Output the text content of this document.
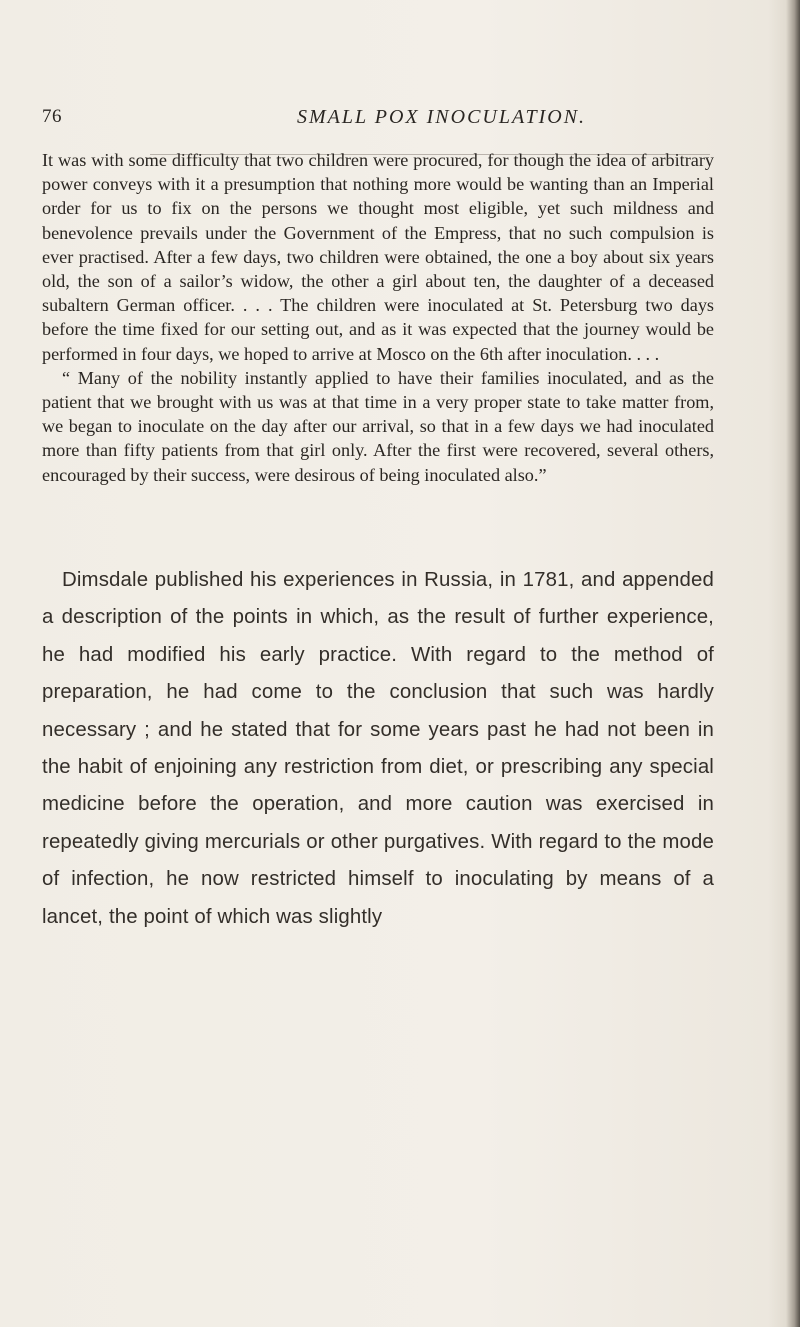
76	SMALL POX INOCULATION.

It was with some difficulty that two children were procured, for though the idea of arbitrary power conveys with it a presumption that nothing more would be wanting than an Imperial order for us to fix on the persons we thought most eligible, yet such mildness and benevolence prevails under the Government of the Empress, that no such compulsion is ever practised. After a few days, two children were obtained, the one a boy about six years old, the son of a sailor’s widow, the other a girl about ten, the daughter of a deceased subaltern German officer. . . . The children were inoculated at St. Petersburg two days before the time fixed for our setting out, and as it was expected that the journey would be performed in four days, we hoped to arrive at Mosco on the 6th after inoculation. . . .

“ Many of the nobility instantly applied to have their families inoculated, and as the patient that we brought with us was at that time in a very proper state to take matter from, we began to inoculate on the day after our arrival, so that in a few days we had inoculated more than fifty patients from that girl only. After the first were recovered, several others, encouraged by their success, were desirous of being inoculated also.”

Dimsdale published his experiences in Russia, in 1781, and appended a description of the points in which, as the result of further experience, he had modified his early practice. With regard to the method of preparation, he had come to the conclusion that such was hardly necessary ; and he stated that for some years past he had not been in the habit of enjoining any restriction from diet, or prescribing any special medicine before the operation, and more caution was exercised in repeatedly giving mercurials or other purgatives. With regard to the mode of infection, he now restricted himself to inoculating by means of a lancet, the point of which was slightly
